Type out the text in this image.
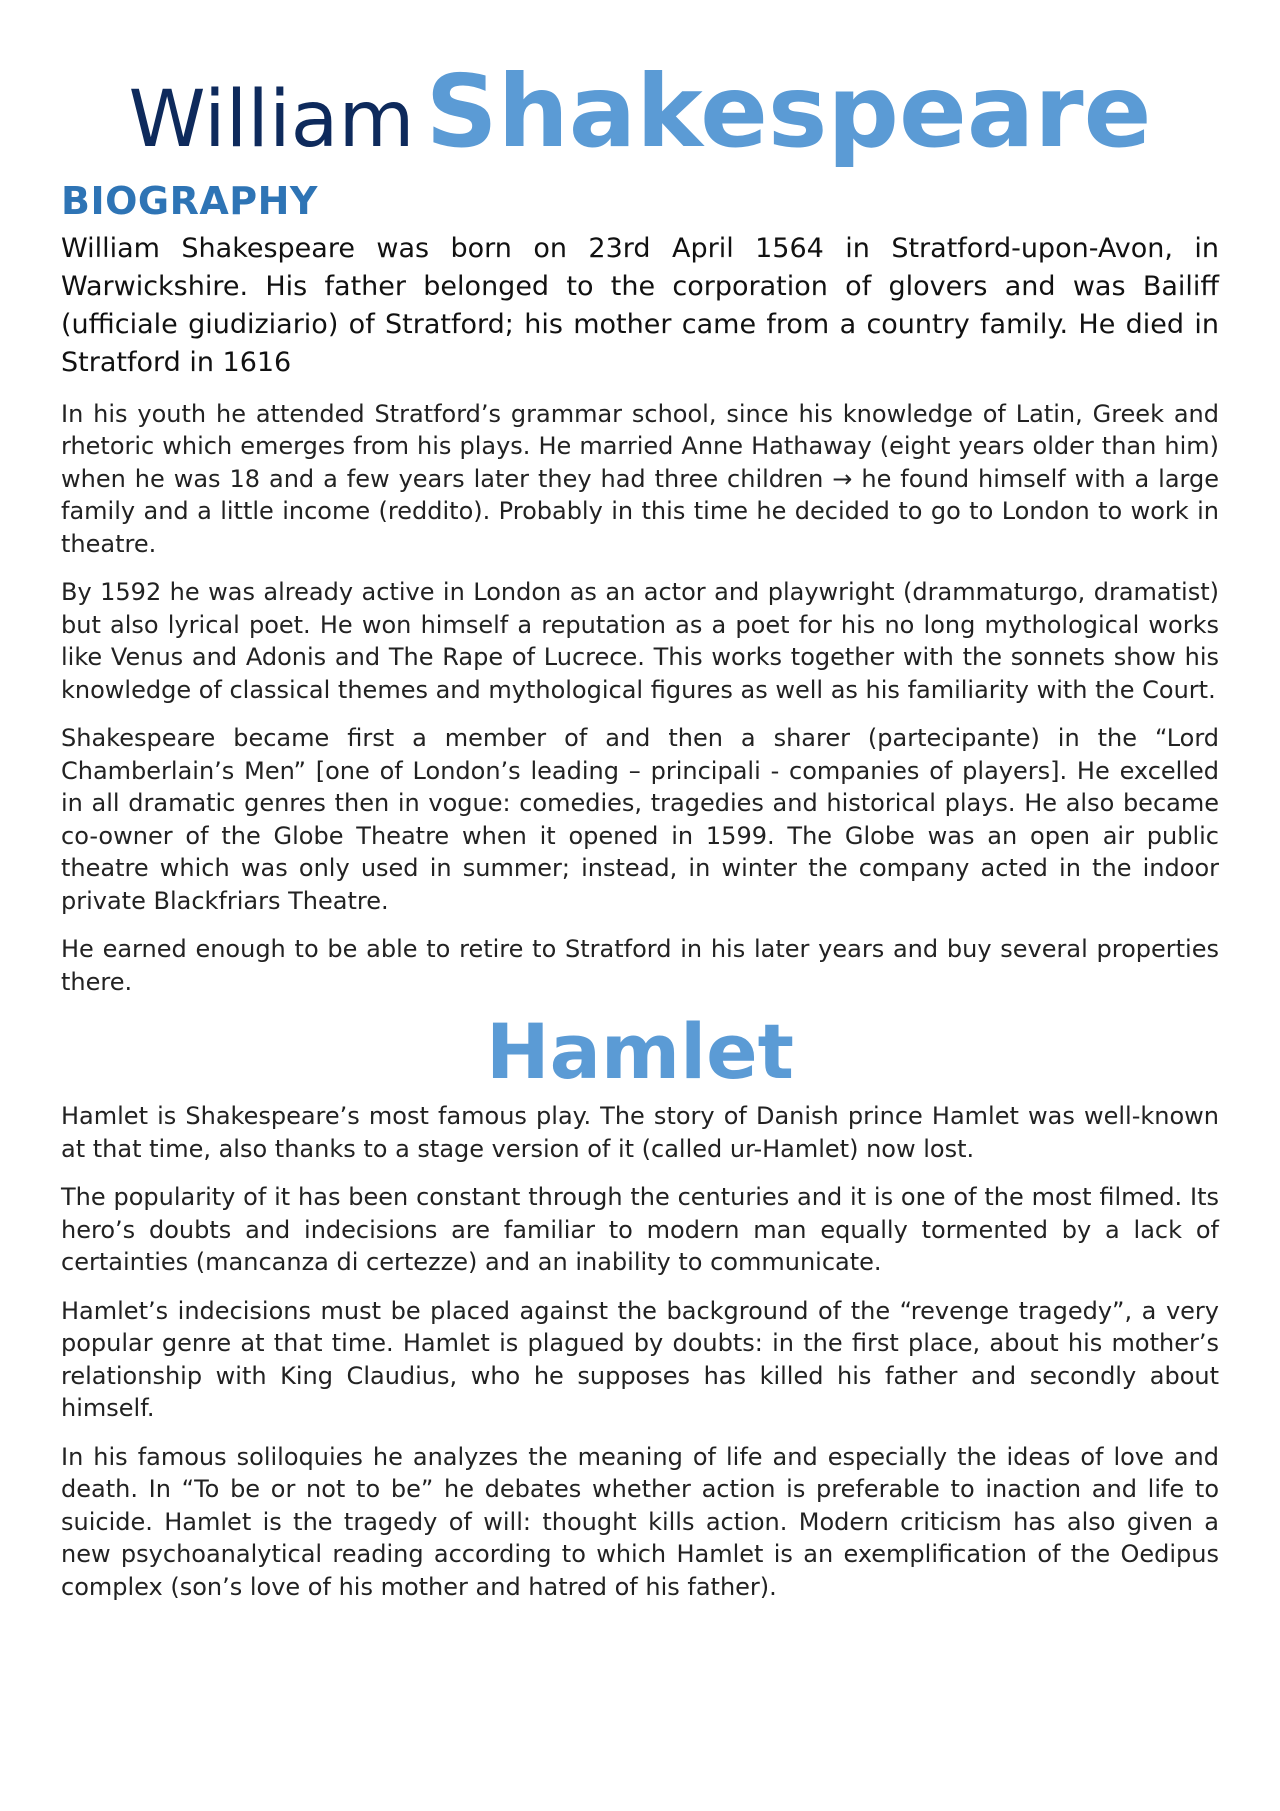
William Shakespeare
BIOGRAPHY

William Shakespeare was born on 23rd April 1564 in Stratford-upon-Avon, in Warwickshire. His father belonged to the corporation of glovers and was Bailiff (ufficiale giudiziario) of Stratford; his mother came from a country family. He died in Stratford in 1616

In his youth he attended Stratford’s grammar school, since his knowledge of Latin, Greek and rhetoric which emerges from his plays. He married Anne Hathaway (eight years older than him) when he was 18 and a few years later they had three children → he found himself with a large family and a little income (reddito). Probably in this time he decided to go to London to work in theatre.

By 1592 he was already active in London as an actor and playwright (drammaturgo, dramatist) but also lyrical poet. He won himself a reputation as a poet for his no long mythological works like Venus and Adonis and The Rape of Lucrece. This works together with the sonnets show his knowledge of classical themes and mythological figures as well as his familiarity with the Court.

Shakespeare became first a member of and then a sharer (partecipante) in the “Lord Chamberlain’s Men” [one of London’s leading – principali - companies of players]. He excelled in all dramatic genres then in vogue: comedies, tragedies and historical plays. He also became co-owner of the Globe Theatre when it opened in 1599. The Globe was an open air public theatre which was only used in summer; instead, in winter the company acted in the indoor private Blackfriars Theatre.

He earned enough to be able to retire to Stratford in his later years and buy several properties there.

Hamlet

Hamlet is Shakespeare’s most famous play. The story of Danish prince Hamlet was well-known at that time, also thanks to a stage version of it (called ur-Hamlet) now lost.

The popularity of it has been constant through the centuries and it is one of the most filmed. Its hero’s doubts and indecisions are familiar to modern man equally tormented by a lack of certainties (mancanza di certezze) and an inability to communicate.

Hamlet’s indecisions must be placed against the background of the “revenge tragedy”, a very popular genre at that time. Hamlet is plagued by doubts: in the first place, about his mother’s relationship with King Claudius, who he supposes has killed his father and secondly about himself.

In his famous soliloquies he analyzes the meaning of life and especially the ideas of love and death. In “To be or not to be” he debates whether action is preferable to inaction and life to suicide. Hamlet is the tragedy of will: thought kills action. Modern criticism has also given a new psychoanalytical reading according to which Hamlet is an exemplification of the Oedipus complex (son’s love of his mother and hatred of his father).
